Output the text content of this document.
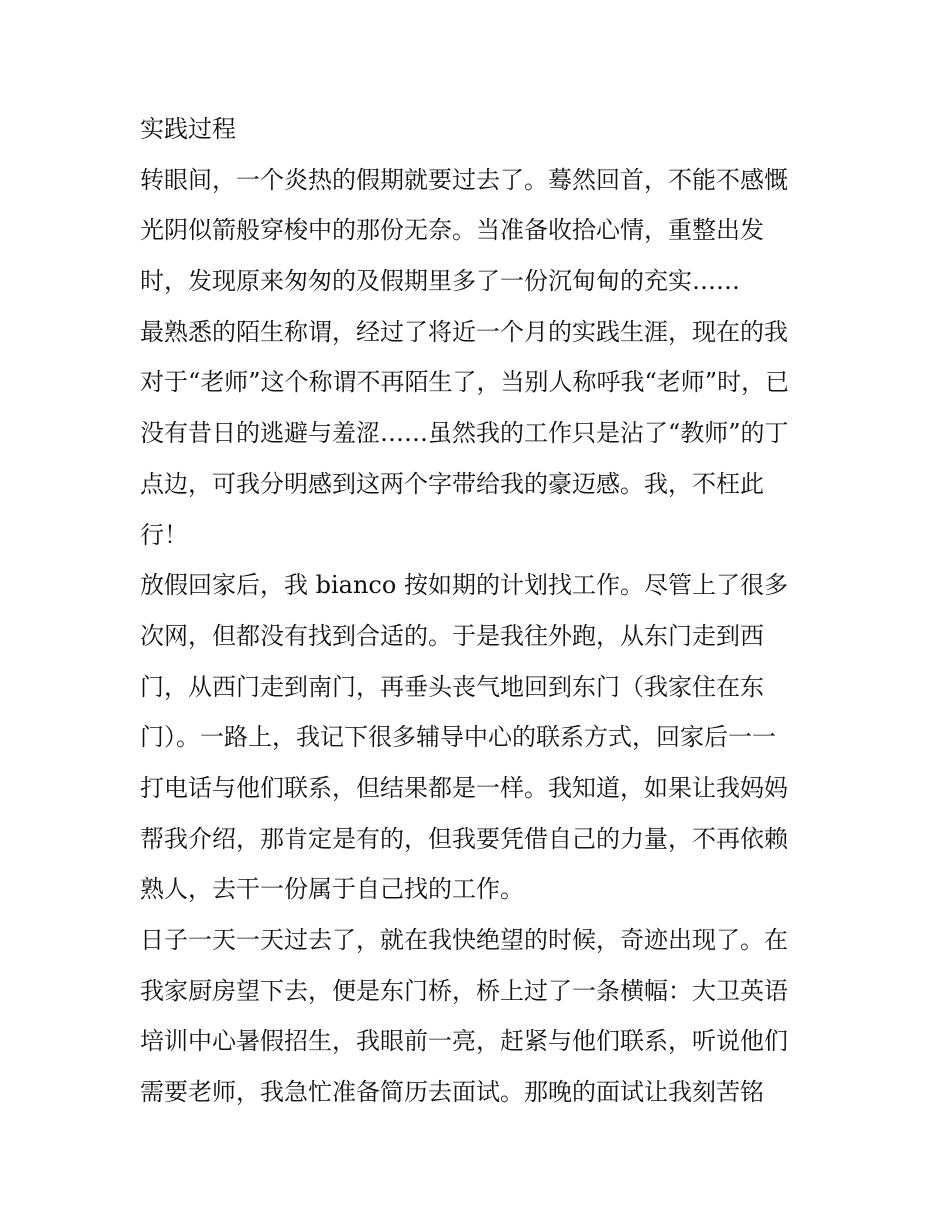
实践过程
转眼间，一个炎热的假期就要过去了。蓦然回首，不能不感慨
光阴似箭般穿梭中的那份无奈。当准备收拾心情，重整出发
时，发现原来匆匆的及假期里多了一份沉甸甸的充实……
最熟悉的陌生称谓，经过了将近一个月的实践生涯，现在的我
对于“老师”这个称谓不再陌生了，当别人称呼我“老师”时，已
没有昔日的逃避与羞涩……虽然我的工作只是沾了“教师”的丁
点边，可我分明感到这两个字带给我的豪迈感。我，不枉此
行！
放假回家后，我 bianco 按如期的计划找工作。尽管上了很多
次网，但都没有找到合适的。于是我往外跑，从东门走到西
门，从西门走到南门，再垂头丧气地回到东门（我家住在东
门）。一路上，我记下很多辅导中心的联系方式，回家后一一
打电话与他们联系，但结果都是一样。我知道，如果让我妈妈
帮我介绍，那肯定是有的，但我要凭借自己的力量，不再依赖
熟人，去干一份属于自己找的工作。
日子一天一天过去了，就在我快绝望的时候，奇迹出现了。在
我家厨房望下去，便是东门桥，桥上过了一条横幅：大卫英语
培训中心暑假招生，我眼前一亮，赶紧与他们联系，听说他们
需要老师，我急忙准备简历去面试。那晚的面试让我刻苦铭
